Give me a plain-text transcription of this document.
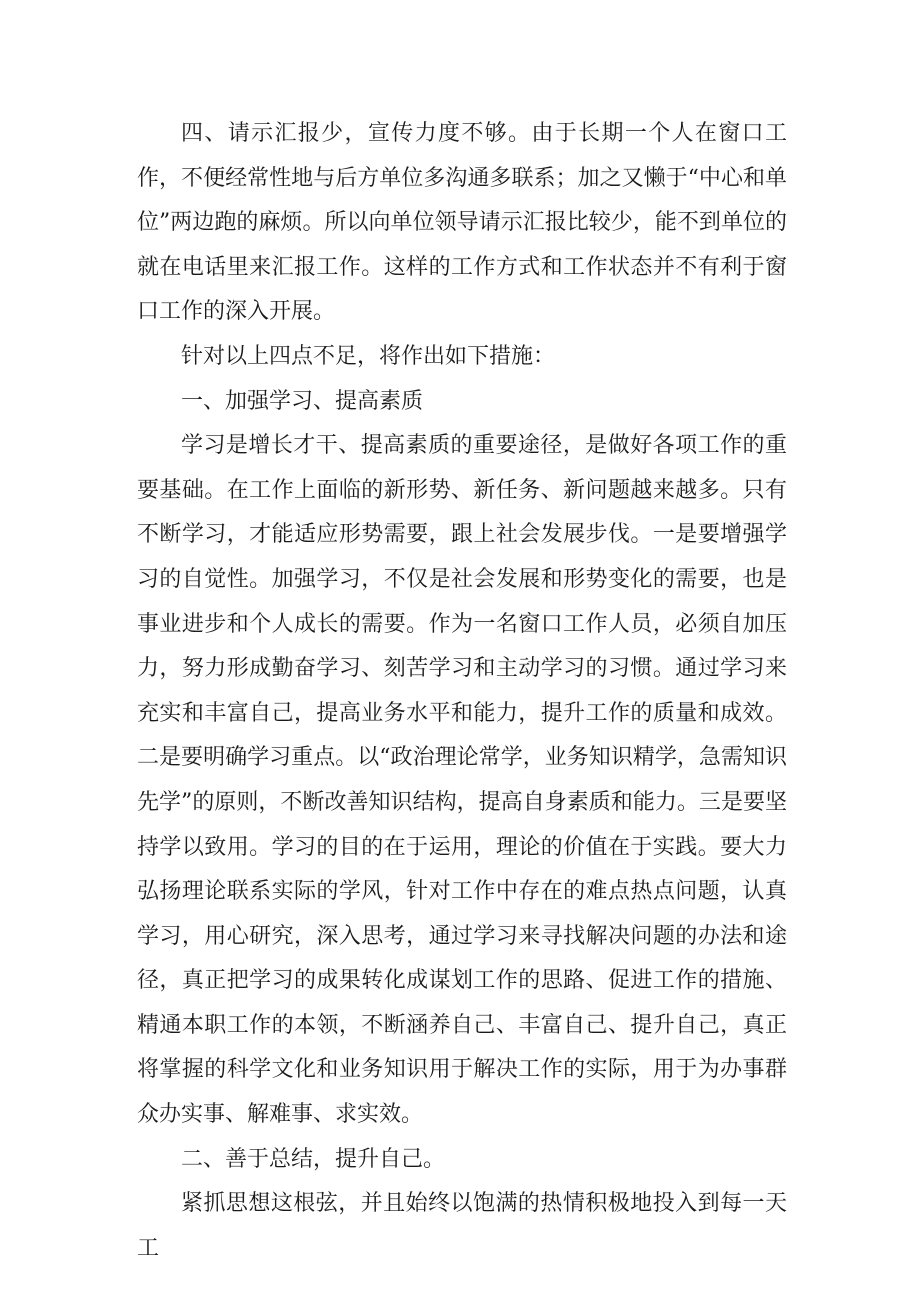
四、请示汇报少，宣传力度不够。由于长期一个人在窗口工作，不便经常性地与后方单位多沟通多联系；加之又懒于“中心和单位”两边跑的麻烦。所以向单位领导请示汇报比较少，能不到单位的就在电话里来汇报工作。这样的工作方式和工作状态并不有利于窗口工作的深入开展。

针对以上四点不足，将作出如下措施：

一、加强学习、提高素质

学习是增长才干、提高素质的重要途径，是做好各项工作的重要基础。在工作上面临的新形势、新任务、新问题越来越多。只有不断学习，才能适应形势需要，跟上社会发展步伐。一是要增强学习的自觉性。加强学习，不仅是社会发展和形势变化的需要，也是事业进步和个人成长的需要。作为一名窗口工作人员，必须自加压力，努力形成勤奋学习、刻苦学习和主动学习的习惯。通过学习来充实和丰富自己，提高业务水平和能力，提升工作的质量和成效。二是要明确学习重点。以“政治理论常学，业务知识精学，急需知识先学”的原则，不断改善知识结构，提高自身素质和能力。三是要坚持学以致用。学习的目的在于运用，理论的价值在于实践。要大力弘扬理论联系实际的学风，针对工作中存在的难点热点问题，认真学习，用心研究，深入思考，通过学习来寻找解决问题的办法和途径，真正把学习的成果转化成谋划工作的思路、促进工作的措施、精通本职工作的本领，不断涵养自己、丰富自己、提升自己，真正将掌握的科学文化和业务知识用于解决工作的实际，用于为办事群众办实事、解难事、求实效。

二、善于总结，提升自己。

紧抓思想这根弦，并且始终以饱满的热情积极地投入到每一天工
